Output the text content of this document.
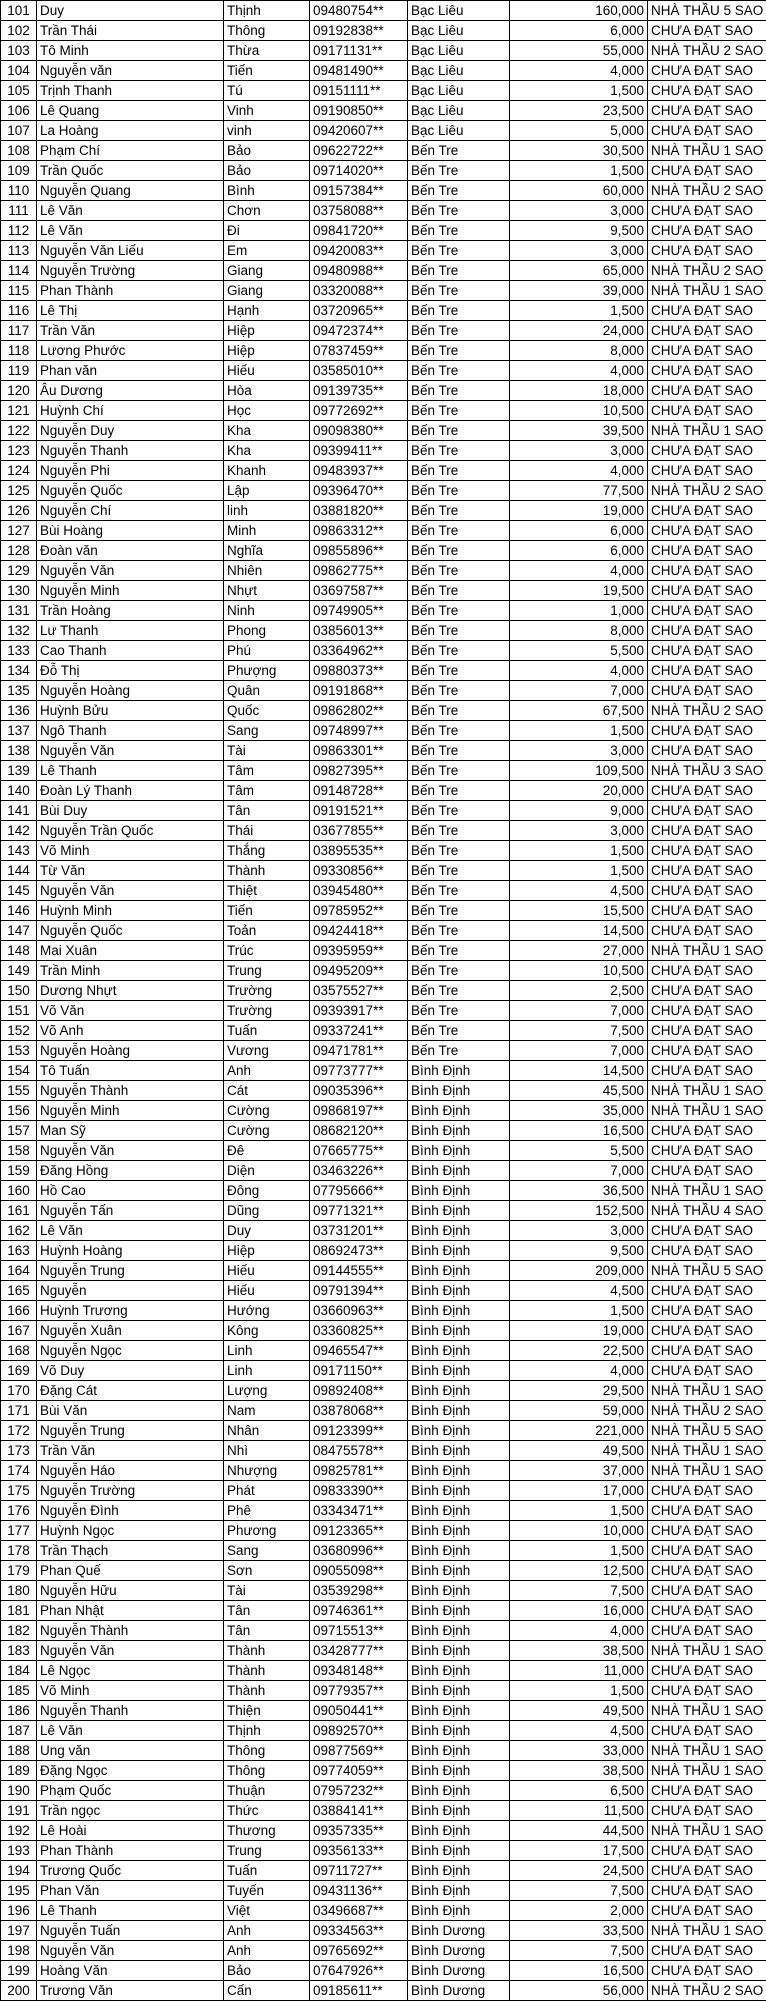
101	Duy	Thịnh	09480754**	Bạc Liêu	160,000	NHÀ THẦU 5 SAO
102	Trần Thái	Thông	09192838**	Bạc Liêu	6,000	CHƯA ĐẠT SAO
103	Tô Minh	Thừa	09171131**	Bạc Liêu	55,000	NHÀ THẦU 2 SAO
104	Nguyễn văn	Tiến	09481490**	Bạc Liêu	4,000	CHƯA ĐẠT SAO
105	Trịnh Thanh	Tú	09151111**	Bạc Liêu	1,500	CHƯA ĐẠT SAO
106	Lê Quang	Vinh	09190850**	Bạc Liêu	23,500	CHƯA ĐẠT SAO
107	La Hoàng	vinh	09420607**	Bạc Liêu	5,000	CHƯA ĐẠT SAO
108	Phạm Chí	Bảo	09622722**	Bến Tre	30,500	NHÀ THẦU 1 SAO
109	Trần Quốc	Bảo	09714020**	Bến Tre	1,500	CHƯA ĐẠT SAO
110	Nguyễn Quang	Bình	09157384**	Bến Tre	60,000	NHÀ THẦU 2 SAO
111	Lê Văn	Chơn	03758088**	Bến Tre	3,000	CHƯA ĐẠT SAO
112	Lê Văn	Đi	09841720**	Bến Tre	9,500	CHƯA ĐẠT SAO
113	Nguyễn Văn Liếu	Em	09420083**	Bến Tre	3,000	CHƯA ĐẠT SAO
114	Nguyễn Trường	Giang	09480988**	Bến Tre	65,000	NHÀ THẦU 2 SAO
115	Phan Thành	Giang	03320088**	Bến Tre	39,000	NHÀ THẦU 1 SAO
116	Lê Thị	Hạnh	03720965**	Bến Tre	1,500	CHƯA ĐẠT SAO
117	Trần Văn	Hiệp	09472374**	Bến Tre	24,000	CHƯA ĐẠT SAO
118	Lương Phước	Hiệp	07837459**	Bến Tre	8,000	CHƯA ĐẠT SAO
119	Phan văn	Hiếu	03585010**	Bến Tre	4,000	CHƯA ĐẠT SAO
120	Âu Dương	Hòa	09139735**	Bến Tre	18,000	CHƯA ĐẠT SAO
121	Huỳnh Chí	Học	09772692**	Bến Tre	10,500	CHƯA ĐẠT SAO
122	Nguyễn Duy	Kha	09098380**	Bến Tre	39,500	NHÀ THẦU 1 SAO
123	Nguyễn Thanh	Kha	09399411**	Bến Tre	3,000	CHƯA ĐẠT SAO
124	Nguyễn Phi	Khanh	09483937**	Bến Tre	4,000	CHƯA ĐẠT SAO
125	Nguyễn Quốc	Lập	09396470**	Bến Tre	77,500	NHÀ THẦU 2 SAO
126	Nguyễn Chí	linh	03881820**	Bến Tre	19,000	CHƯA ĐẠT SAO
127	Bùi Hoàng	Minh	09863312**	Bến Tre	6,000	CHƯA ĐẠT SAO
128	Đoàn văn	Nghĩa	09855896**	Bến Tre	6,000	CHƯA ĐẠT SAO
129	Nguyễn Văn	Nhiên	09862775**	Bến Tre	4,000	CHƯA ĐẠT SAO
130	Nguyễn Minh	Nhựt	03697587**	Bến Tre	19,500	CHƯA ĐẠT SAO
131	Trần Hoàng	Ninh	09749905**	Bến Tre	1,000	CHƯA ĐẠT SAO
132	Lư Thanh	Phong	03856013**	Bến Tre	8,000	CHƯA ĐẠT SAO
133	Cao Thanh	Phú	03364962**	Bến Tre	5,500	CHƯA ĐẠT SAO
134	Đỗ Thị	Phượng	09880373**	Bến Tre	4,000	CHƯA ĐẠT SAO
135	Nguyễn Hoàng	Quân	09191868**	Bến Tre	7,000	CHƯA ĐẠT SAO
136	Huỳnh Bửu	Quốc	09862802**	Bến Tre	67,500	NHÀ THẦU 2 SAO
137	Ngô Thanh	Sang	09748997**	Bến Tre	1,500	CHƯA ĐẠT SAO
138	Nguyễn Văn	Tài	09863301**	Bến Tre	3,000	CHƯA ĐẠT SAO
139	Lê Thanh	Tâm	09827395**	Bến Tre	109,500	NHÀ THẦU 3 SAO
140	Đoàn Lý Thanh	Tâm	09148728**	Bến Tre	20,000	CHƯA ĐẠT SAO
141	Bùi Duy	Tân	09191521**	Bến Tre	9,000	CHƯA ĐẠT SAO
142	Nguyễn Trần Quốc	Thái	03677855**	Bến Tre	3,000	CHƯA ĐẠT SAO
143	Võ Minh	Thắng	03895535**	Bến Tre	1,500	CHƯA ĐẠT SAO
144	Từ Văn	Thành	09330856**	Bến Tre	1,500	CHƯA ĐẠT SAO
145	Nguyễn Văn	Thiệt	03945480**	Bến Tre	4,500	CHƯA ĐẠT SAO
146	Huỳnh Minh	Tiến	09785952**	Bến Tre	15,500	CHƯA ĐẠT SAO
147	Nguyễn Quốc	Toản	09424418**	Bến Tre	14,500	CHƯA ĐẠT SAO
148	Mai Xuân	Trúc	09395959**	Bến Tre	27,000	NHÀ THẦU 1 SAO
149	Trần Minh	Trung	09495209**	Bến Tre	10,500	CHƯA ĐẠT SAO
150	Dương Nhựt	Trường	03575527**	Bến Tre	2,500	CHƯA ĐẠT SAO
151	Võ Văn	Trường	09393917**	Bến Tre	7,000	CHƯA ĐẠT SAO
152	Võ Anh	Tuấn	09337241**	Bến Tre	7,500	CHƯA ĐẠT SAO
153	Nguyễn Hoàng	Vương	09471781**	Bến Tre	7,000	CHƯA ĐẠT SAO
154	Tô Tuấn	Anh	09773777**	Bình Định	14,500	CHƯA ĐẠT SAO
155	Nguyễn Thành	Cát	09035396**	Bình Định	45,500	NHÀ THẦU 1 SAO
156	Nguyễn Minh	Cường	09868197**	Bình Định	35,000	NHÀ THẦU 1 SAO
157	Man Sỹ	Cường	08682120**	Bình Định	16,500	CHƯA ĐẠT SAO
158	Nguyễn Văn	Đê	07665775**	Bình Định	5,500	CHƯA ĐẠT SAO
159	Đăng Hồng	Diện	03463226**	Bình Định	7,000	CHƯA ĐẠT SAO
160	Hồ Cao	Đông	07795666**	Bình Định	36,500	NHÀ THẦU 1 SAO
161	Nguyễn Tấn	Dũng	09771321**	Bình Định	152,500	NHÀ THẦU 4 SAO
162	Lê Văn	Duy	03731201**	Bình Định	3,000	CHƯA ĐẠT SAO
163	Huỳnh Hoàng	Hiệp	08692473**	Bình Định	9,500	CHƯA ĐẠT SAO
164	Nguyễn Trung	Hiếu	09144555**	Bình Định	209,000	NHÀ THẦU 5 SAO
165	Nguyễn	Hiếu	09791394**	Bình Định	4,500	CHƯA ĐẠT SAO
166	Huỳnh Trương	Hướng	03660963**	Bình Định	1,500	CHƯA ĐẠT SAO
167	Nguyễn Xuân	Kông	03360825**	Bình Định	19,000	CHƯA ĐẠT SAO
168	Nguyễn Ngọc	Linh	09465547**	Bình Định	22,500	CHƯA ĐẠT SAO
169	Võ Duy	Linh	09171150**	Bình Định	4,000	CHƯA ĐẠT SAO
170	Đặng Cát	Lượng	09892408**	Bình Định	29,500	NHÀ THẦU 1 SAO
171	Bùi Văn	Nam	03878068**	Bình Định	59,000	NHÀ THẦU 2 SAO
172	Nguyễn Trung	Nhân	09123399**	Bình Định	221,000	NHÀ THẦU 5 SAO
173	Trần Văn	Nhì	08475578**	Bình Định	49,500	NHÀ THẦU 1 SAO
174	Nguyễn Háo	Nhượng	09825781**	Bình Định	37,000	NHÀ THẦU 1 SAO
175	Nguyễn Trường	Phát	09833390**	Bình Định	17,000	CHƯA ĐẠT SAO
176	Nguyễn Đình	Phê	03343471**	Bình Định	1,500	CHƯA ĐẠT SAO
177	Huỳnh Ngọc	Phương	09123365**	Bình Định	10,000	CHƯA ĐẠT SAO
178	Trần Thạch	Sang	03680996**	Bình Định	1,500	CHƯA ĐẠT SAO
179	Phan Quế	Sơn	09055098**	Bình Định	12,500	CHƯA ĐẠT SAO
180	Nguyễn Hữu	Tài	03539298**	Bình Định	7,500	CHƯA ĐẠT SAO
181	Phan Nhật	Tân	09746361**	Bình Định	16,000	CHƯA ĐẠT SAO
182	Nguyễn Thành	Tân	09715513**	Bình Định	4,000	CHƯA ĐẠT SAO
183	Nguyễn Văn	Thành	03428777**	Bình Định	38,500	NHÀ THẦU 1 SAO
184	Lê Ngọc	Thành	09348148**	Bình Định	11,000	CHƯA ĐẠT SAO
185	Võ Minh	Thành	09779357**	Bình Định	1,500	CHƯA ĐẠT SAO
186	Nguyễn Thanh	Thiện	09050441**	Bình Định	49,500	NHÀ THẦU 1 SAO
187	Lê Văn	Thịnh	09892570**	Bình Định	4,500	CHƯA ĐẠT SAO
188	Ung văn	Thông	09877569**	Bình Định	33,000	NHÀ THẦU 1 SAO
189	Đặng Ngọc	Thông	09774059**	Bình Định	38,500	NHÀ THẦU 1 SAO
190	Phạm Quốc	Thuận	07957232**	Bình Định	6,500	CHƯA ĐẠT SAO
191	Trần ngọc	Thức	03884141**	Bình Định	11,500	CHƯA ĐẠT SAO
192	Lê Hoài	Thương	09357335**	Bình Định	44,500	NHÀ THẦU 1 SAO
193	Phan Thành	Trung	09356133**	Bình Định	17,500	CHƯA ĐẠT SAO
194	Trương Quốc	Tuấn	09711727**	Bình Định	24,500	CHƯA ĐẠT SAO
195	Phan Văn	Tuyến	09431136**	Bình Định	7,500	CHƯA ĐẠT SAO
196	Lê Thanh	Việt	03496687**	Bình Định	2,000	CHƯA ĐẠT SAO
197	Nguyễn Tuấn	Anh	09334563**	Bình Dương	33,500	NHÀ THẦU 1 SAO
198	Nguyễn Văn	Anh	09765692**	Bình Dương	7,500	CHƯA ĐẠT SAO
199	Hoàng Văn	Bảo	07647926**	Bình Dương	16,500	CHƯA ĐẠT SAO
200	Trương Văn	Cấn	09185611**	Bình Dương	56,000	NHÀ THẦU 2 SAO
